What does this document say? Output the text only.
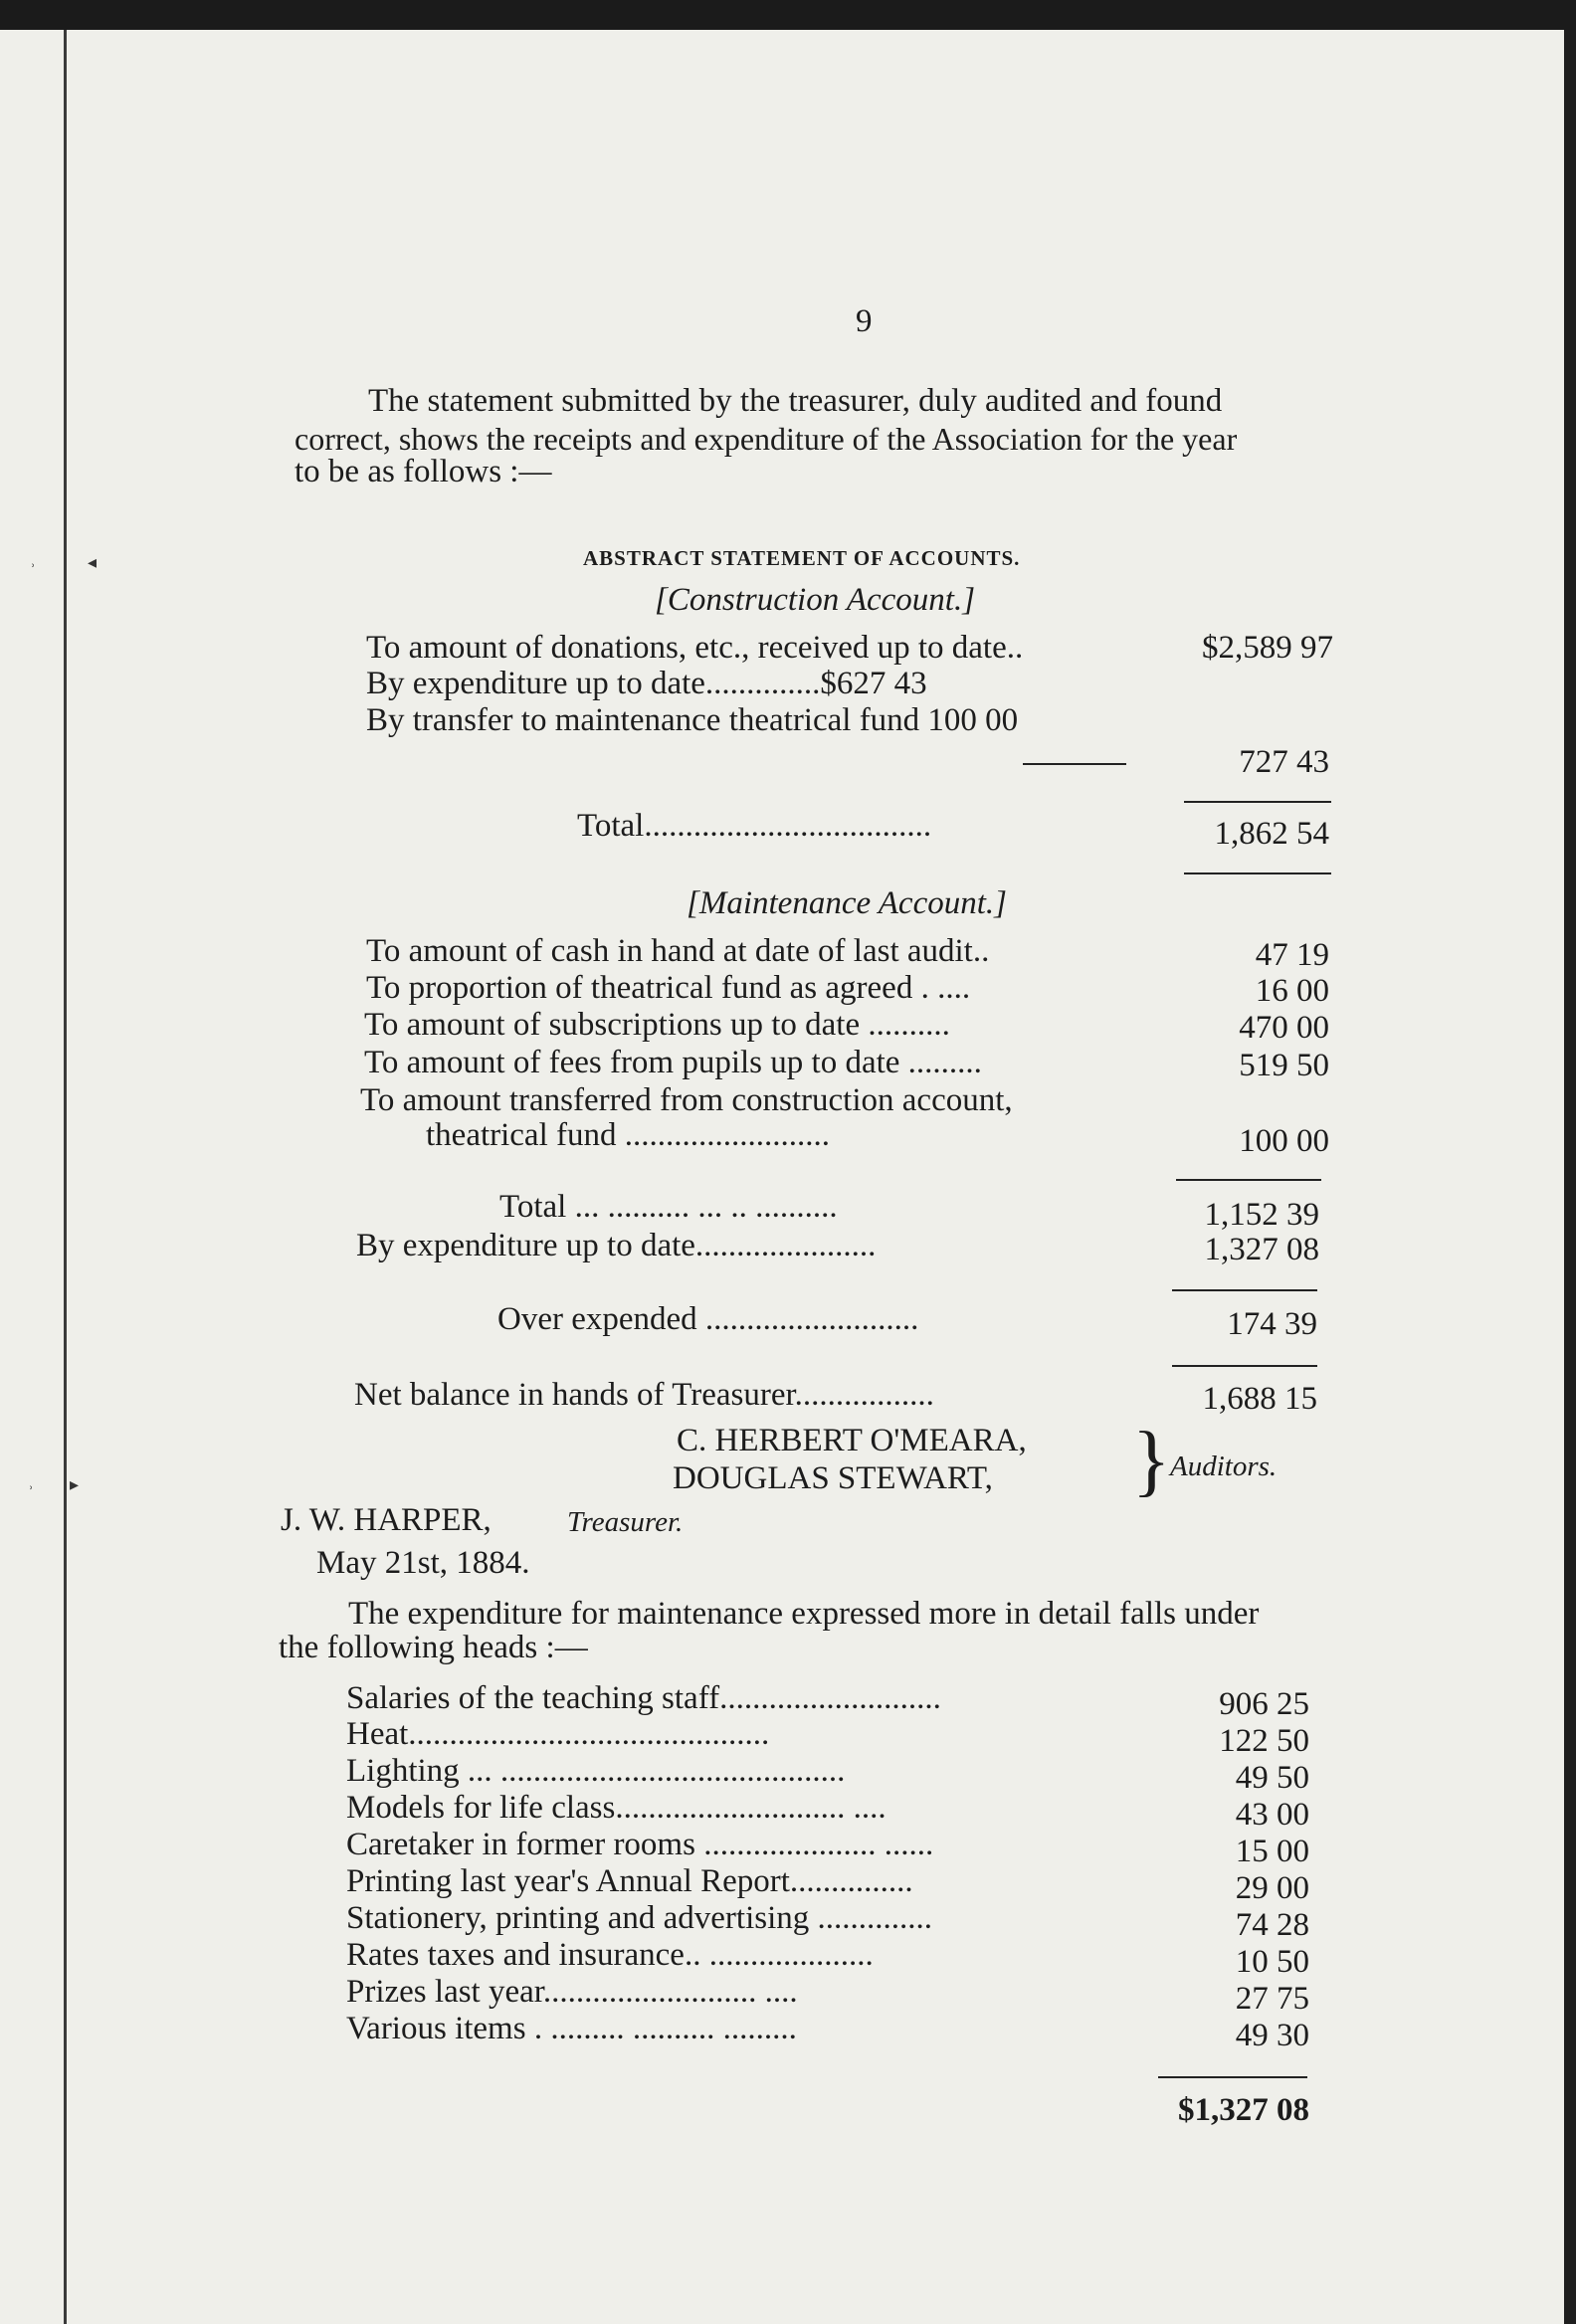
˒	◂
˒ ▸
9
The statement submitted by the treasurer, duly audited and found
correct, shows the receipts and expenditure of the Association for the year
to be as follows :—
ABSTRACT STATEMENT OF ACCOUNTS.
[Construction Account.]
To amount of donations, etc., received up to date..	$2,589 97
By expenditure up to date..............$627 43
By transfer to maintenance theatrical fund 100 00
727 43
Total...................................	1,862 54
[Maintenance Account.]
To amount of cash in hand at date of last audit..	47 19
To proportion of theatrical fund as agreed . ....	16 00
To amount of subscriptions up to date ..........	470 00
To amount of fees from pupils up to date .........	519 50
To amount transferred from construction account,
theatrical fund .........................	100 00
Total ... .......... ... .. ..........	1,152 39
By expenditure up to date......................	1,327 08
Over expended ..........................	174 39
Net balance in hands of Treasurer.................	1,688 15
C. HERBERT O'MEARA,
DOUGLAS STEWART, } Auditors.
J. W. HARPER,	Treasurer.
May 21st, 1884.
The expenditure for maintenance expressed more in detail falls under
the following heads :—
Salaries of the teaching staff...........................	906 25
Heat............................................	122 50
Lighting ... ..........................................	49 50
Models for life class............................ ....	43 00
Caretaker in former rooms ..................... ......	15 00
Printing last year's Annual Report...............	29 00
Stationery, printing and advertising ..............	74 28
Rates taxes and insurance.. ....................	10 50
Prizes last year.......................... ....	27 75
Various items . ......... .......... .........	49 30
$1,327 08
